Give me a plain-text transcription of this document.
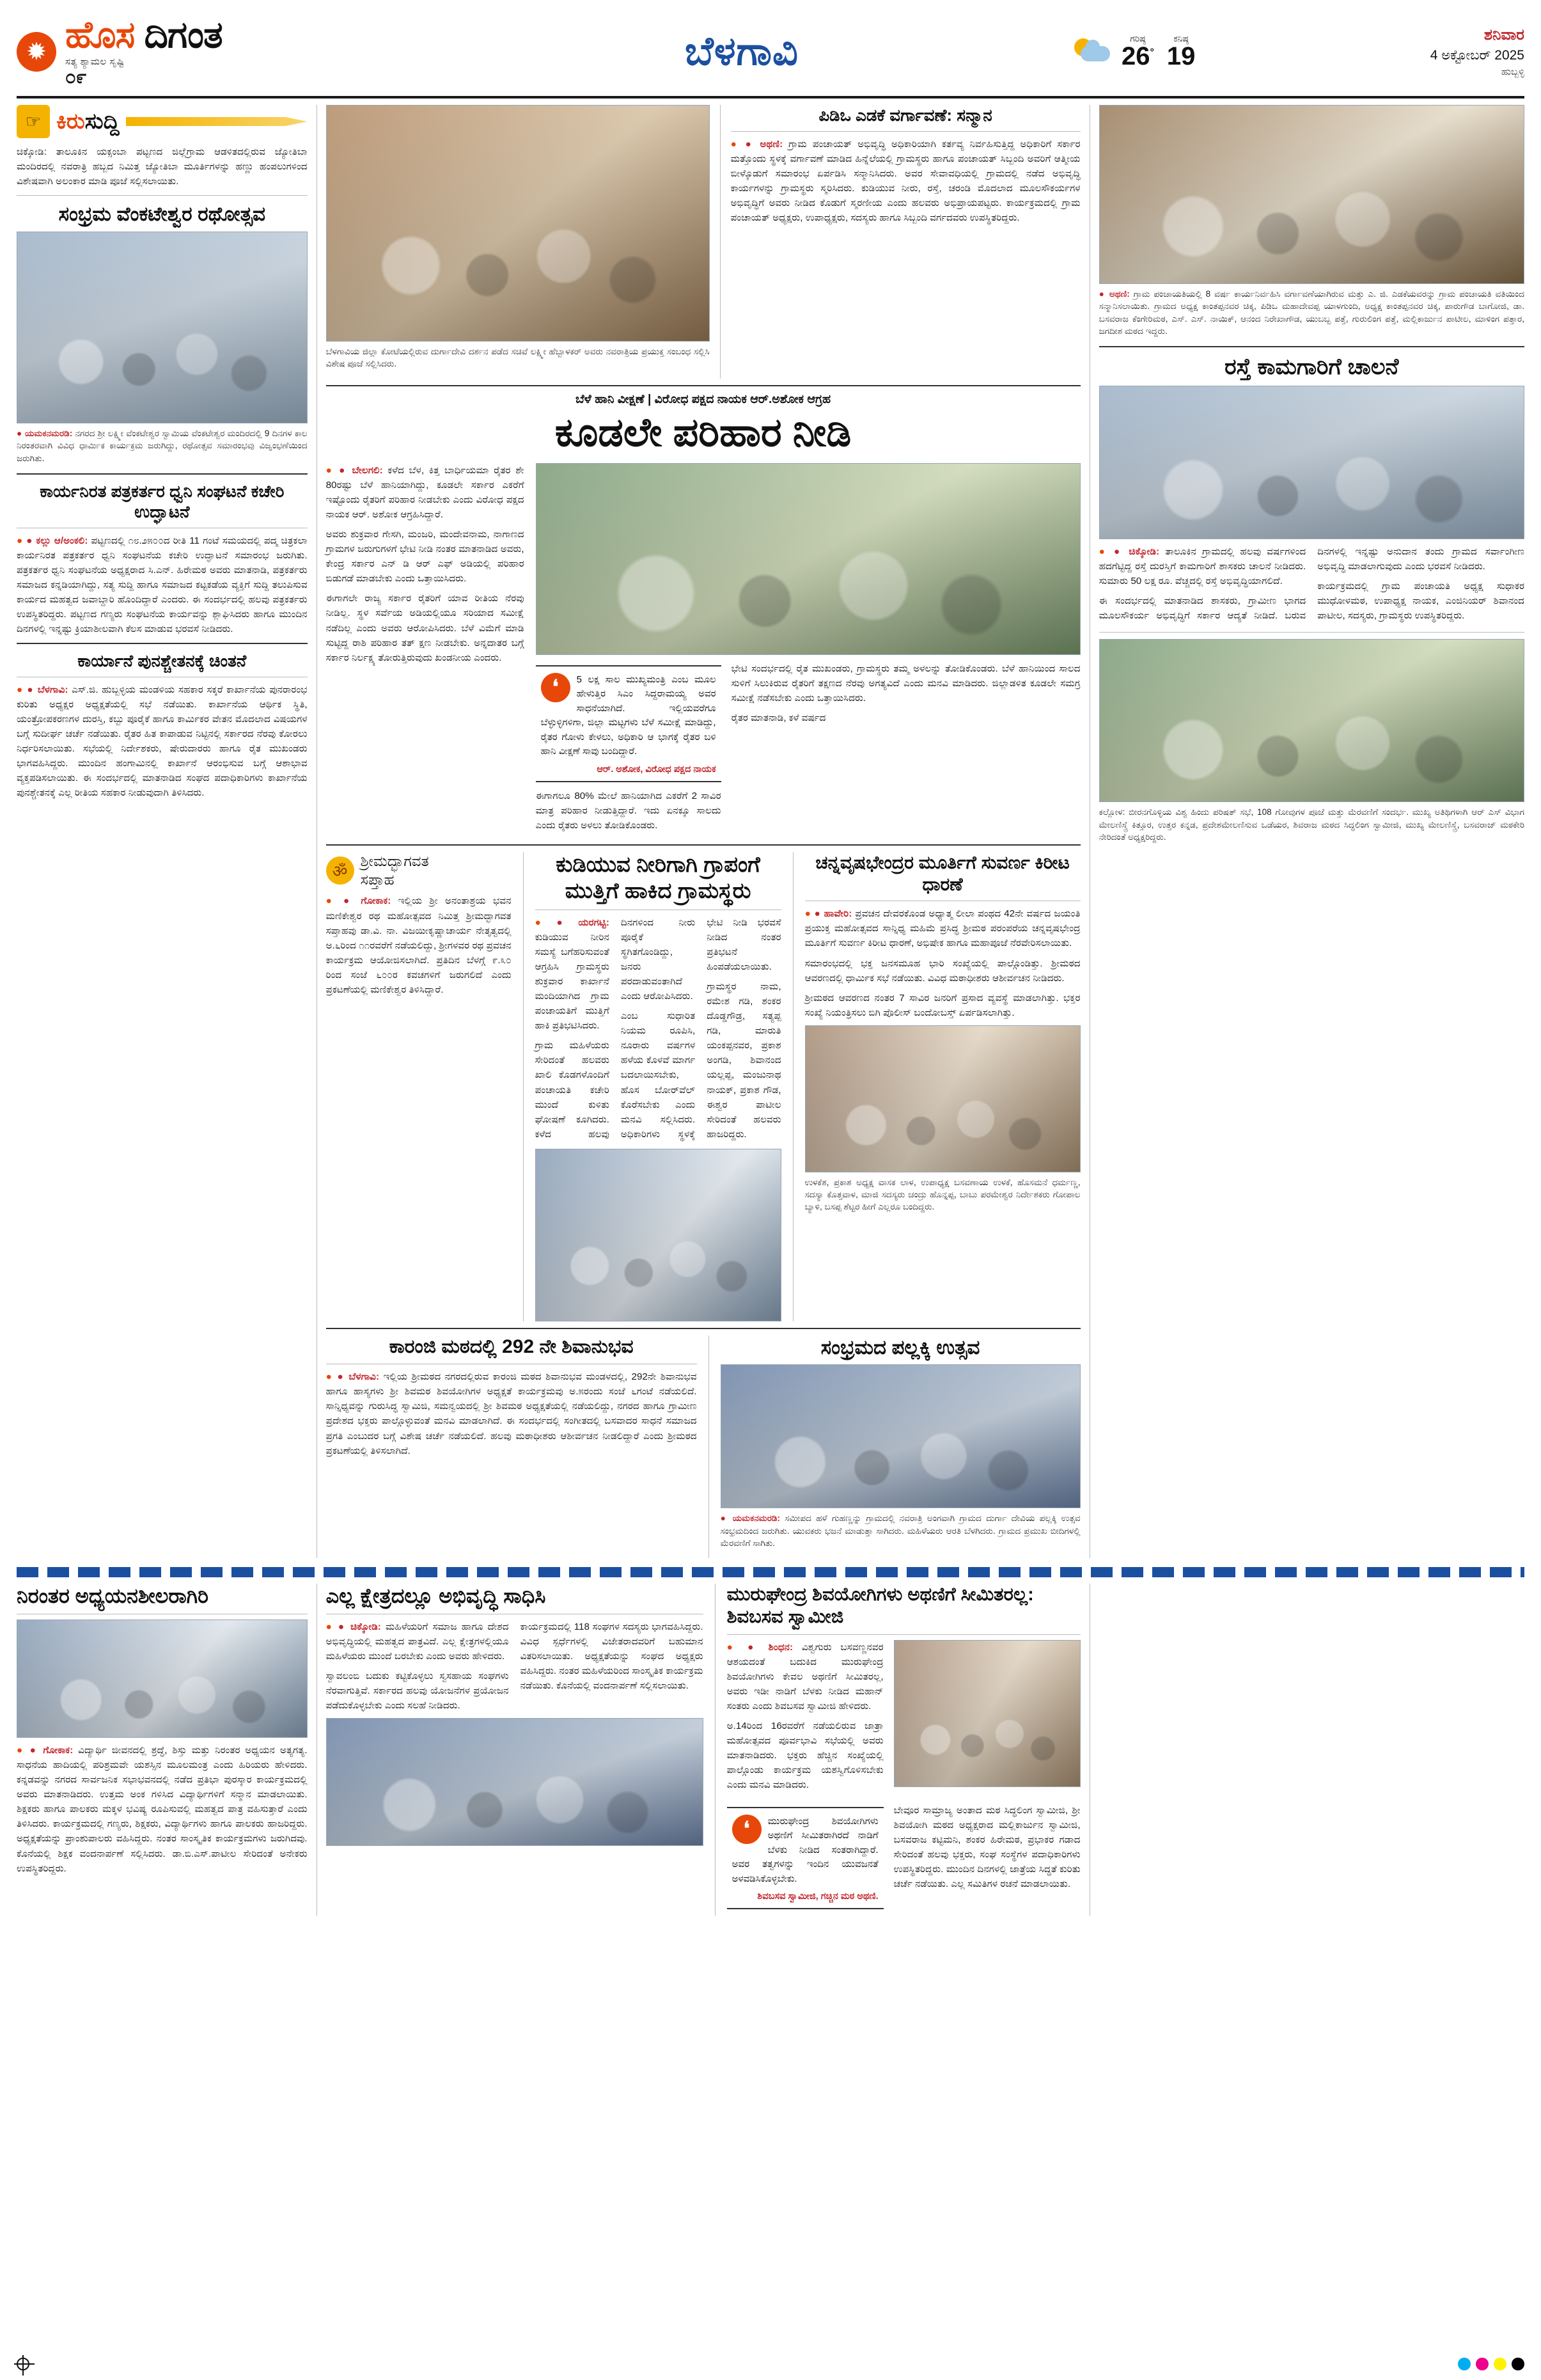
✹ ಹೊಸ ದಿಗಂತ
ಸತ್ಯ ಶ್ಯಾಮಲ ಸೃಷ್ಟಿ
೦೯
ಬೆಳಗಾವಿ	ಗರಿಷ್ಠ
26°
ಕನಿಷ್ಠ
19
ಶನಿವಾರ
4 ಅಕ್ಟೋಬರ್ 2025
ಹುಬ್ಬಳ್ಳಿ
☞ ಕಿರುಸುದ್ದಿ

ಚಿಕ್ಕೋಡಿ: ತಾಲೂಕಿನ ಯಕ್ಸಂಬಾ ಪಟ್ಟಣದ ಜಿಲ್ಲೆಗ್ರಾಮ ಆಡಳಿತದಲ್ಲಿರುವ ಜ್ಯೋತಿಬಾ ಮಂದಿರದಲ್ಲಿ ನವರಾತ್ರಿ ಹಬ್ಬದ ನಿಮಿತ್ತ ಜ್ಯೋತಿಬಾ ಮೂರ್ತಿಗಳನ್ನು ಹಣ್ಣು ಹಂಪಲುಗಳಿಂದ ವಿಶೇಷವಾಗಿ ಅಲಂಕಾರ ಮಾಡಿ ಪೂಜೆ ಸಲ್ಲಿಸಲಾಯಿತು.

ಸಂಭ್ರಮ ವೆಂಕಟೇಶ್ವರ ರಥೋತ್ಸವ

● ಯಮಕನಮರಡಿ: ನಗರದ ಶ್ರೀ ಲಕ್ಷ್ಮೀ ವೆಂಕಟೇಶ್ವರ ಸ್ವಾಮಿಯ ವೆಂಕಟೇಶ್ವರ ಮಂದಿರದಲ್ಲಿ 9 ದಿನಗಳ ಕಾಲ ನಿರಂತರವಾಗಿ ವಿವಿಧ ಧಾರ್ಮಿಕ ಕಾರ್ಯಕ್ರಮ ಜರುಗಿದ್ದು, ರಥೋತ್ಸವ ಸಮಾರಂಭವು ವಿಜೃಂಭಣೆಯಿಂದ ಜರುಗಿತು.

ಕಾರ್ಯನಿರತ ಪತ್ರಕರ್ತರ ಧ್ವನಿ ಸಂಘಟನೆ ಕಚೇರಿ ಉದ್ಘಾಟನೆ

● ● ಕಲ್ಲು ಆ/ಅಂಕಲಿ: ಪಟ್ಟಣದಲ್ಲಿ ೧೮.೨೫೦೦ದ ರೀತಿ 11 ಗಂಟೆ ಸಮಯದಲ್ಲಿ ಪದ್ಮ ಚಿತ್ರಕಲಾ ಕಾರ್ಯನಿರತ ಪತ್ರಕರ್ತರ ಧ್ವನಿ ಸಂಘಟನೆಯ ಕಚೇರಿ ಉದ್ಘಾಟನೆ ಸಮಾರಂಭ ಜರುಗಿತು. ಪತ್ರಕರ್ತರ ಧ್ವನಿ ಸಂಘಟನೆಯ ಅಧ್ಯಕ್ಷರಾದ ಸಿ.ಎನ್. ಹಿರೇಮಠ ಅವರು ಮಾತನಾಡಿ, ಪತ್ರಕರ್ತರು ಸಮಾಜದ ಕನ್ನಡಿಯಾಗಿದ್ದು, ಸತ್ಯ ಸುದ್ದಿ ಹಾಗೂ ಸಮಾಜದ ಕಟ್ಟಕಡೆಯ ವ್ಯಕ್ತಿಗೆ ಸುದ್ದಿ ತಲುಪಿಸುವ ಕಾರ್ಯದ ಮಹತ್ವದ ಜವಾಬ್ದಾರಿ ಹೊಂದಿದ್ದಾರೆ ಎಂದರು. ಈ ಸಂದರ್ಭದಲ್ಲಿ ಹಲವು ಪತ್ರಕರ್ತರು ಉಪಸ್ಥಿತರಿದ್ದರು. ಪಟ್ಟಣದ ಗಣ್ಯರು ಸಂಘಟನೆಯ ಕಾರ್ಯವನ್ನು ಶ್ಲಾಘಿಸಿದರು ಹಾಗೂ ಮುಂದಿನ ದಿನಗಳಲ್ಲಿ ಇನ್ನಷ್ಟು ಕ್ರಿಯಾಶೀಲವಾಗಿ ಕೆಲಸ ಮಾಡುವ ಭರವಸೆ ನೀಡಿದರು.

ಕಾರ್ಯಾನೆ ಪುನಶ್ಚೇತನಕ್ಕೆ ಚಿಂತನೆ

● ● ಬೆಳಗಾವಿ: ಎಸ್.ಜಿ. ಹುಬ್ಬಳ್ಳಿಯ ಮಂಡಳಿಯ ಸಹಕಾರ ಸಕ್ಕರೆ ಕಾರ್ಖಾನೆಯ ಪುನರಾರಂಭ ಕುರಿತು ಅಧ್ಯಕ್ಷರ ಅಧ್ಯಕ್ಷತೆಯಲ್ಲಿ ಸಭೆ ನಡೆಯಿತು. ಕಾರ್ಖಾನೆಯ ಆರ್ಥಿಕ ಸ್ಥಿತಿ, ಯಂತ್ರೋಪಕರಣಗಳ ದುರಸ್ತಿ, ಕಬ್ಬು ಪೂರೈಕೆ ಹಾಗೂ ಕಾರ್ಮಿಕರ ವೇತನ ಮೊದಲಾದ ವಿಷಯಗಳ ಬಗ್ಗೆ ಸುದೀರ್ಘ ಚರ್ಚೆ ನಡೆಯಿತು. ರೈತರ ಹಿತ ಕಾಪಾಡುವ ನಿಟ್ಟಿನಲ್ಲಿ ಸರ್ಕಾರದ ನೆರವು ಕೋರಲು ನಿರ್ಧರಿಸಲಾಯಿತು. ಸಭೆಯಲ್ಲಿ ನಿರ್ದೇಶಕರು, ಷೇರುದಾರರು ಹಾಗೂ ರೈತ ಮುಖಂಡರು ಭಾಗವಹಿಸಿದ್ದರು. ಮುಂದಿನ ಹಂಗಾಮಿನಲ್ಲಿ ಕಾರ್ಖಾನೆ ಆರಂಭಿಸುವ ಬಗ್ಗೆ ಆಶಾಭಾವ ವ್ಯಕ್ತಪಡಿಸಲಾಯಿತು. ಈ ಸಂದರ್ಭದಲ್ಲಿ ಮಾತನಾಡಿದ ಸಂಘದ ಪದಾಧಿಕಾರಿಗಳು ಕಾರ್ಖಾನೆಯ ಪುನಶ್ಚೇತನಕ್ಕೆ ಎಲ್ಲ ರೀತಿಯ ಸಹಕಾರ ನೀಡುವುದಾಗಿ ತಿಳಿಸಿದರು.

ಬೆಳಗಾವಿಯ ಜಿಲ್ಲಾ ಕೋಟೆಯಲ್ಲಿರುವ ದುರ್ಗಾದೇವಿ ದರ್ಶನ ಪಡೆದ ಸಚಿವೆ ಲಕ್ಷ್ಮೀ ಹೆಬ್ಬಾಳಕರ್ ಅವರು ನವರಾತ್ರಿಯ ಪ್ರಯುಕ್ತ ಸಂಬಂಧ ಸಲ್ಲಿಸಿ ವಿಶೇಷ ಪೂಜೆ ಸಲ್ಲಿಸಿದರು.

ಪಿಡಿಒ ಎಡಕೆ ವರ್ಗಾವಣೆ: ಸನ್ಮಾನ

● ● ಅಥಣಿ: ಗ್ರಾಮ ಪಂಚಾಯತ್ ಅಭಿವೃದ್ಧಿ ಅಧಿಕಾರಿಯಾಗಿ ಕರ್ತವ್ಯ ನಿರ್ವಹಿಸುತ್ತಿದ್ದ ಅಧಿಕಾರಿಗೆ ಸರ್ಕಾರ ಮತ್ತೊಂದು ಸ್ಥಳಕ್ಕೆ ವರ್ಗಾವಣೆ ಮಾಡಿದ ಹಿನ್ನೆಲೆಯಲ್ಲಿ ಗ್ರಾಮಸ್ಥರು ಹಾಗೂ ಪಂಚಾಯತ್ ಸಿಬ್ಬಂದಿ ಅವರಿಗೆ ಆತ್ಮೀಯ ಬೀಳ್ಕೊಡುಗೆ ಸಮಾರಂಭ ಏರ್ಪಡಿಸಿ ಸನ್ಮಾನಿಸಿದರು. ಅವರ ಸೇವಾವಧಿಯಲ್ಲಿ ಗ್ರಾಮದಲ್ಲಿ ನಡೆದ ಅಭಿವೃದ್ಧಿ ಕಾರ್ಯಗಳನ್ನು ಗ್ರಾಮಸ್ಥರು ಸ್ಮರಿಸಿದರು. ಕುಡಿಯುವ ನೀರು, ರಸ್ತೆ, ಚರಂಡಿ ಮೊದಲಾದ ಮೂಲಸೌಕರ್ಯಗಳ ಅಭಿವೃದ್ಧಿಗೆ ಅವರು ನೀಡಿದ ಕೊಡುಗೆ ಸ್ಮರಣೀಯ ಎಂದು ಹಲವರು ಅಭಿಪ್ರಾಯಪಟ್ಟರು. ಕಾರ್ಯಕ್ರಮದಲ್ಲಿ ಗ್ರಾಮ ಪಂಚಾಯತ್ ಅಧ್ಯಕ್ಷರು, ಉಪಾಧ್ಯಕ್ಷರು, ಸದಸ್ಯರು ಹಾಗೂ ಸಿಬ್ಬಂದಿ ವರ್ಗದವರು ಉಪಸ್ಥಿತರಿದ್ದರು.

ಬೆಳೆ ಹಾನಿ ವೀಕ್ಷಣೆ | ವಿರೋಧ ಪಕ್ಷದ ನಾಯಕ ಆರ್.ಅಶೋಕ ಆಗ್ರಹ
ಕೂಡಲೇ ಪರಿಹಾರ ನೀಡಿ

● ● ಬೇಲಗಲಿ: ಕಳೆದ ಬೆಳ, ಕಿತ್ತ ಬಾರ್ಧಿಯಮಾ ರೈತರ ಶೇ 80ರಷ್ಟು ಬೆಳೆ ಹಾನಿಯಾಗಿದ್ದು, ಕೂಡಲೇ ಸರ್ಕಾರ ಎಕರೆಗೆ ಇಷ್ಟೊಂದು ರೈತರಿಗೆ ಪರಿಹಾರ ನೀಡಬೇಕು ಎಂದು ವಿರೋಧ ಪಕ್ಷದ ನಾಯಕ ಆರ್. ಅಶೋಕ ಆಗ್ರಹಿಸಿದ್ದಾರೆ.

ಅವರು ಶುಕ್ರವಾರ ಗೇಸಗಿ, ಮಂಜರಿ, ಮಂದೇವನಾಮ, ನಾಗಾಣದ ಗ್ರಾಮಗಳ ಜರುಗುಗಳಗೆ ಭೇಟಿ ನೀಡಿ ನಂತರ ಮಾತನಾಡಿದ ಅವರು, ಕೇಂದ್ರ ಸರ್ಕಾರ ಎನ್ ಡಿ ಆರ್ ಎಫ್ ಅಡಿಯಲ್ಲಿ ಪರಿಹಾರ ಬಿಡುಗಡೆ ಮಾಡಬೇಕು ಎಂದು ಒತ್ತಾಯಿಸಿದರು.

ಈಗಾಗಲೇ ರಾಜ್ಯ ಸರ್ಕಾರ ರೈತರಿಗೆ ಯಾವ ರೀತಿಯ ನೆರವು ನೀಡಿಲ್ಲ. ಸ್ಥಳ ಸರ್ವೆಯ ಅಡಿಯಲ್ಲಿಯೂ ಸರಿಯಾದ ಸಮೀಕ್ಷೆ ನಡೆದಿಲ್ಲ ಎಂದು ಅವರು ಆರೋಪಿಸಿದರು. ಬೆಳೆ ವಿಮೆಗೆ ಮಾಡಿ ಸುಟ್ಟಿದ್ದ ರಾಶಿ ಪರಿಹಾರ ತತ್ ಕ್ಷಣ ನೀಡಬೇಕು. ಅನ್ನದಾತರ ಬಗ್ಗೆ ಸರ್ಕಾರ ನಿರ್ಲಕ್ಷ್ಯ ತೋರುತ್ತಿರುವುದು ಖಂಡನೀಯ ಎಂದರು.

❛	5 ಲಕ್ಷ ಸಾಲ ಮುಖ್ಯಮಂತ್ರಿ ಎಂಬ ಮೂಲ ಹೇಳುತ್ತಿರ ಸಿಎಂ ಸಿದ್ದರಾಮಯ್ಯ ಅವರ ಸಾಧನೆಯಾಗಿದೆ. ಇಲ್ಲಿಯವರೆಗೂ ಬೆಳ್ಳುಳ್ಳಿಗಳಿಗಾ, ಜಿಲ್ಲಾ ಮಟ್ಟಗಳು ಬೆಳೆ ಸಮೀಕ್ಷೆ ಮಾಡಿದ್ದು, ರೈತರ ಗೋಳು ಕೇಳಲು, ಅಧಿಕಾರಿ ಆ ಭಾಗಕ್ಕೆ ರೈತರ ಬಳಿ ಹಾನಿ ವೀಕ್ಷಣೆ ಸಾವು ಬಂದಿದ್ದಾರೆ.

ಆರ್. ಅಶೋಕ, ವಿರೋಧ ಪಕ್ಷದ ನಾಯಕ

ಈಗಾಗಲೂ 80% ಮೇಲೆ ಹಾನಿಯಾಗಿದ ಎಕರೆಗೆ 2 ಸಾವಿರ ಮಾತ್ರ ಪರಿಹಾರ ನೀಡುತ್ತಿದ್ದಾರೆ. ಇದು ಏನಕ್ಕೂ ಸಾಲದು ಎಂದು ರೈತರು ಅಳಲು ತೋಡಿಕೊಂಡರು.

ಭೇಟಿ ಸಂದರ್ಭದಲ್ಲಿ ರೈತ ಮುಖಂಡರು, ಗ್ರಾಮಸ್ಥರು ತಮ್ಮ ಅಳಲನ್ನು ತೋಡಿಕೊಂಡರು. ಬೆಳೆ ಹಾನಿಯಿಂದ ಸಾಲದ ಸುಳಿಗೆ ಸಿಲುಕಿರುವ ರೈತರಿಗೆ ತಕ್ಷಣದ ನೆರವು ಅಗತ್ಯವಿದೆ ಎಂದು ಮನವಿ ಮಾಡಿದರು. ಜಿಲ್ಲಾಡಳಿತ ಕೂಡಲೇ ಸಮಗ್ರ ಸಮೀಕ್ಷೆ ನಡೆಸಬೇಕು ಎಂದು ಒತ್ತಾಯಿಸಿದರು.

ರೈತರ ಮಾತನಾಡಿ, ಕಳೆ ವರ್ಷದ

ॐ
ಶ್ರೀಮದ್ಭಾಗವತ
ಸಪ್ತಾಹ

● ● ಗೋಕಾಕ: ಇಲ್ಲಿಯ ಶ್ರೀ ಅನಂತಾಶ್ರಯ ಭವನ ಮಣಿಕೇಶ್ವರ ರಥ ಮಹೋತ್ಸವದ ನಿಮಿತ್ತ ಶ್ರೀಮದ್ಭಾಗವತ ಸಪ್ತಾಹವು ಡಾ.ವಿ. ನಾ. ವಿಜಯೀಕೃಷ್ಣಾಚಾರ್ಯ ನೇತೃತ್ವದಲ್ಲಿ ಅ.೬ರಿಂದ ೧೧ರವರೆಗೆ ನಡೆಯಲಿದ್ದು, ಶ್ರೀಗಳವರ ರಥ ಪ್ರವಚನ ಕಾರ್ಯಕ್ರಮ ಆಯೋಜಿಸಲಾಗಿದೆ. ಪ್ರತಿದಿನ ಬೆಳಗ್ಗೆ ೯.೩೦ ರಿಂದ ಸಂಜೆ ೬೦೦ರ ಕವಚಗಳಿಗೆ ಜರುಗಲಿದೆ ಎಂದು ಪ್ರಕಟಣೆಯಲ್ಲಿ ಮಣಿಕೇಶ್ವರ ತಿಳಿಸಿದ್ದಾರೆ.

ಕುಡಿಯುವ ನೀರಿಗಾಗಿ ಗ್ರಾಪಂಗೆ ಮುತ್ತಿಗೆ ಹಾಕಿದ ಗ್ರಾಮಸ್ಥರು

● ● ಯರಗಟ್ಟಿ: ಕುಡಿಯುವ ನೀರಿನ ಸಮಸ್ಯೆ ಬಗೆಹರಿಸುವಂತೆ ಆಗ್ರಹಿಸಿ ಗ್ರಾಮಸ್ಥರು ಶುಕ್ರವಾರ ಕಾರ್ಖಾನೆ ಮಂದಿಯಾಗಿದ ಗ್ರಾಮ ಪಂಚಾಯತಿಗೆ ಮುತ್ತಿಗೆ ಹಾಕಿ ಪ್ರತಿಭಟಿಸಿದರು.

ಗ್ರಾಮ ಮಹಿಳೆಯರು ಸೇರಿದಂತೆ ಹಲವರು ಖಾಲಿ ಕೊಡಗಳೊಂದಿಗೆ ಪಂಚಾಯತಿ ಕಚೇರಿ ಮುಂದೆ ಕುಳಿತು ಘೋಷಣೆ ಕೂಗಿದರು. ಕಳೆದ ಹಲವು ದಿನಗಳಿಂದ ನೀರು ಪೂರೈಕೆ ಸ್ಥಗಿತಗೊಂಡಿದ್ದು, ಜನರು ಪರದಾಡುವಂತಾಗಿದೆ ಎಂದು ಆರೋಪಿಸಿದರು.

ಎಂಬ ಸುಧಾರಿತ ನಿಯಮ ರೂಪಿಸಿ, ನೂರಾರು ವರ್ಷಗಳ ಹಳೆಯ ಕೊಳವೆ ಮಾರ್ಗ ಬದಲಾಯಿಸಬೇಕು, ಹೊಸ ಬೋರ್‌ವೆಲ್ ಕೊರೆಸಬೇಕು ಎಂದು ಮನವಿ ಸಲ್ಲಿಸಿದರು. ಅಧಿಕಾರಿಗಳು ಸ್ಥಳಕ್ಕೆ ಭೇಟಿ ನೀಡಿ ಭರವಸೆ ನೀಡಿದ ನಂತರ ಪ್ರತಿಭಟನೆ ಹಿಂಪಡೆಯಲಾಯಿತು.

ಗ್ರಾಮಸ್ಥರ ನಾಮ, ರಮೇಶ ಗಡಿ, ಶಂಕರ ದೊಡ್ಡಗೌಡ್ರ, ಸತ್ಯಪ್ಪ ಗಡಿ, ಮಾರುತಿ ಯಂಕಪ್ಪನವರ, ಪ್ರಕಾಶ ಅಂಗಡಿ, ಶಿವಾನಂದ ಯಲ್ಲಪ್ಪ, ಮಂಜುನಾಥ ನಾಯಕ್, ಪ್ರಕಾಶ ಗೌಡ, ಈಶ್ವರ ಪಾಟೀಲ ಸೇರಿದಂತೆ ಹಲವರು ಹಾಜರಿದ್ದರು.

ಚನ್ನವೃಷಭೇಂದ್ರರ ಮೂರ್ತಿಗೆ ಸುವರ್ಣ ಕಿರೀಟ ಧಾರಣೆ

● ● ಹಾವೇರಿ: ಪ್ರವಚನ ದೇವರಕೊಂಡ ಅಧ್ಯಾತ್ಮ ಲೀಲಾ ಪಂಥದ 42ನೇ ವರ್ಷದ ಜಯಂತಿ ಪ್ರಯುಕ್ತ ಮಹೋತ್ಸವದ ಸಾನ್ನಿಧ್ಯ ಮಹಿಮೆ ಪ್ರಸಿದ್ಧ ಶ್ರೀಮಠ ಪರಂಪರೆಯ ಚನ್ನವೃಷಭೇಂದ್ರ ಮೂರ್ತಿಗೆ ಸುವರ್ಣ ಕಿರೀಟ ಧಾರಣೆ, ಅಭಿಷೇಕ ಹಾಗೂ ಮಹಾಪೂಜೆ ನೆರವೇರಿಸಲಾಯಿತು.

ಸಮಾರಂಭದಲ್ಲಿ ಭಕ್ತ ಜನಸಮೂಹ ಭಾರಿ ಸಂಖ್ಯೆಯಲ್ಲಿ ಪಾಲ್ಗೊಂಡಿತ್ತು. ಶ್ರೀಮಠದ ಆವರಣದಲ್ಲಿ ಧಾರ್ಮಿಕ ಸಭೆ ನಡೆಯಿತು. ವಿವಿಧ ಮಠಾಧೀಶರು ಆಶೀರ್ವಚನ ನೀಡಿದರು.

ಶ್ರೀಮಠದ ಆವರಣದ ನಂತರ 7 ಸಾವಿರ ಜನರಿಗೆ ಪ್ರಸಾದ ವ್ಯವಸ್ಥೆ ಮಾಡಲಾಗಿತ್ತು. ಭಕ್ತರ ಸಂಖ್ಯೆ ನಿಯಂತ್ರಿಸಲು ಬಿಗಿ ಪೊಲೀಸ್ ಬಂದೋಬಸ್ತ್ ಏರ್ಪಡಿಸಲಾಗಿತ್ತು.

ಉಳಕೆಶ, ಪ್ರಕಾಶ ಅಧ್ಯಕ್ಷ ವಾಸಕ ಲಾಳ, ಉಪಾಧ್ಯಕ್ಷ ಬಸವಣಾಯ ಉಳಕೆ, ಹೊಸಮನೆ ಧರ್ಮಣ್ಣ, ಸದಸ್ಯಾ ಕೊತ್ತವಾಳ, ಮಾಜಿ ಸದಸ್ಯರು ಚಂದ್ರು ಹೊನ್ನಪ್ಪ, ಬಾಬು ಪರಮೇಶ್ವರ ನಿರ್ದೇಶಕರು ಗೋಪಾಲ ಬ್ಯಾಳಿ, ಬಸಪ್ಪ ಶೆಟ್ಟರ ಹೀಗೆ ಎಲ್ಲರೂ ಬಂದಿದ್ದರು.

ಕಾರಂಜಿ ಮಠದಲ್ಲಿ 292 ನೇ ಶಿವಾನುಭವ

● ● ಬೆಳಗಾವಿ: ಇಲ್ಲಿಯ ಶ್ರೀಮಠದ ನಗರದಲ್ಲಿರುವ ಕಾರಂಜಿ ಮಠದ ಶಿವಾನುಭವ ಮಂಡಳದಲ್ಲಿ, 292ನೇ ಶಿವಾನುಭವ ಹಾಗೂ ಹಾಸ್ಯಗಳು ಶ್ರೀ ಶಿವಮಠ ಶಿವಯೋಗಿಗಳ ಅಧ್ಯಕ್ಷತೆ ಕಾರ್ಯಕ್ರಮವು ಅ.೫ರಂದು ಸಂಜೆ ೬ಗಂಟೆ ನಡೆಯಲಿದೆ. ಸಾನ್ನಿಧ್ಯವನ್ನು ಗುರುಸಿದ್ಧ ಸ್ವಾಮಿಜಿ, ಸಮನ್ವಯದಲ್ಲಿ ಶ್ರೀ ಶಿವಮಠ ಅಧ್ಯಕ್ಷತೆಯಲ್ಲಿ ನಡೆಯಲಿದ್ದು, ನಗರದ ಹಾಗೂ ಗ್ರಾಮೀಣ ಪ್ರದೇಶದ ಭಕ್ತರು ಪಾಲ್ಗೊಳ್ಳುವಂತೆ ಮನವಿ ಮಾಡಲಾಗಿದೆ. ಈ ಸಂದರ್ಭದಲ್ಲಿ ಸಂಗೀತದಲ್ಲಿ ಬಸವಾದರ ಸಾಧನೆ ಸಮಾಜದ ಪ್ರಗತಿ ಎಂಬುದರ ಬಗ್ಗೆ ವಿಶೇಷ ಚರ್ಚೆ ನಡೆಯಲಿದೆ. ಹಲವು ಮಠಾಧೀಶರು ಆಶೀರ್ವಚನ ನೀಡಲಿದ್ದಾರೆ ಎಂದು ಶ್ರೀಮಠದ ಪ್ರಕಟಣೆಯಲ್ಲಿ ತಿಳಿಸಲಾಗಿದೆ.

ಸಂಭ್ರಮದ ಪಲ್ಲಕ್ಕಿ ಉತ್ಸವ

● ಯಮಕನಮರಡಿ: ಸಮೀಪದ ಹಳೆ ಗುಹಣ್ಣನ್ನು ಗ್ರಾಮದಲ್ಲಿ ನವರಾತ್ರಿ ಅಂಗವಾಗಿ ಗ್ರಾಮದ ದುರ್ಗಾ ದೇವಿಯ ಪಲ್ಲಕ್ಕಿ ಉತ್ಸವ ಸಂಭ್ರಮದಿಂದ ಜರುಗಿತು. ಯುವಕರು ಭಜನೆ ಮಾಡುತ್ತಾ ಸಾಗಿದರು. ಮಹಿಳೆಯರು ಆರತಿ ಬೆಳಗಿದರು. ಗ್ರಾಮದ ಪ್ರಮುಖ ಬೀದಿಗಳಲ್ಲಿ ಮೆರವಣಿಗೆ ಸಾಗಿತು.

● ಅಥಣಿ: ಗ್ರಾಮ ಪಂಚಾಯತಿಯಲ್ಲಿ 8 ವರ್ಷ ಕಾರ್ಯನಿರ್ವಹಿಸಿ ವರ್ಗಾವಣೆಯಾಗಿರುವ ಮತ್ತು ಎ. ಜಿ. ಎಡಕೆಯವರನ್ನು ಗ್ರಾಮ ಪಂಚಾಯತಿ ವತಿಯಿಂದ ಸನ್ಮಾನಿಸಲಾಯಿತು. ಗ್ರಾಮದ ಅಧ್ಯಕ್ಷ ಕಾಂತಪ್ಪನವರ ಚಿಕ್ಕ, ಪಿಡಿಒ ಮಹಾದೇವಪ್ಪ ಯಾಳಗುಂದಿ, ಅಧ್ಯಕ್ಷ ಕಾಂತಪ್ಪನವರ ಚಿಕ್ಕ, ಪಾರುಗೌಡ ಬಾಗೋಜಿ, ಡಾ. ಬಸವರಾಜ ಕೆಂಗೇರಿಮಠ, ಎಸ್. ಎಸ್. ನಾಯಿಕ್, ಆನಂದ ನಿರೇಖಾಗೌಡ, ಯುಬಬ್ಬ ಪತ್ತೆ, ಗುರುಲಿಂಗ ಪತ್ತೆ, ಮಲ್ಲಿಕಾರ್ಜುನ ಪಾಟೀಲ, ಮಾಳಿಂಗ ಪತ್ತಾರ, ಜಗದೀಶ ಮಠದ ಇದ್ದರು.

ರಸ್ತೆ ಕಾಮಗಾರಿಗೆ ಚಾಲನೆ

● ● ಚಿಕ್ಕೋಡಿ: ತಾಲೂಕಿನ ಗ್ರಾಮದಲ್ಲಿ ಹಲವು ವರ್ಷಗಳಿಂದ ಹದಗೆಟ್ಟಿದ್ದ ರಸ್ತೆ ದುರಸ್ತಿಗೆ ಕಾಮಗಾರಿಗೆ ಶಾಸಕರು ಚಾಲನೆ ನೀಡಿದರು. ಸುಮಾರು 50 ಲಕ್ಷ ರೂ. ವೆಚ್ಚದಲ್ಲಿ ರಸ್ತೆ ಅಭಿವೃದ್ಧಿಯಾಗಲಿದೆ.

ಈ ಸಂದರ್ಭದಲ್ಲಿ ಮಾತನಾಡಿದ ಶಾಸಕರು, ಗ್ರಾಮೀಣ ಭಾಗದ ಮೂಲಸೌಕರ್ಯ ಅಭಿವೃದ್ಧಿಗೆ ಸರ್ಕಾರ ಆದ್ಯತೆ ನೀಡಿದೆ. ಬರುವ ದಿನಗಳಲ್ಲಿ ಇನ್ನಷ್ಟು ಅನುದಾನ ತಂದು ಗ್ರಾಮದ ಸರ್ವಾಂಗೀಣ ಅಭಿವೃದ್ಧಿ ಮಾಡಲಾಗುವುದು ಎಂದು ಭರವಸೆ ನೀಡಿದರು.

ಕಾರ್ಯಕ್ರಮದಲ್ಲಿ ಗ್ರಾಮ ಪಂಚಾಯತಿ ಅಧ್ಯಕ್ಷ ಸುಧಾಕರ ಮುಧೋಳಮಠ, ಉಪಾಧ್ಯಕ್ಷ ನಾಯಕ, ಎಂಜಿನಿಯರ್ ಶಿವಾನಂದ ಪಾಟೀಲ, ಸದಸ್ಯರು, ಗ್ರಾಮಸ್ಥರು ಉಪಸ್ಥಿತರಿದ್ದರು.

ಕಲ್ಲೋಳ: ಬೀರನಗೊಳ್ಳಿಯ ವಿಶ್ವ ಹಿಂದು ಪರಿಷತ್ ಸಭೆ, 108 ಗೋವುಗಳ ಪೂಜೆ ಮತ್ತು ಮೆರವಣಿಗೆ ಸಂದರ್ಭ. ಮುಖ್ಯ ಅತಿಥಿಗಳಾಗಿ ಆರ್ ಎಸ್ ವಿಭಾಗ ಮೇಲಣಿಸ್ತ್ರೆ ಕಿತ್ತೂರ, ಉತ್ತರ ಕನ್ನಡ, ಪ್ರದೇಶಮೇಲಣಿಸುವ ಒಡೆಯರ, ಶಿವರಾಜ ಮಠದ ಸಿದ್ಧಲಿಂಗ ಸ್ವಾಮೀಜಿ, ಮುಖ್ಯ ಮೇಲಣಿಸ್ತ್ರೆ, ಬಸವರಾಜ್ ಮಠಕೇರಿ ನೇರಿದಂತೆ ಅಧ್ಯಕ್ಷರಿದ್ದರು.

ನಿರಂತರ ಅಧ್ಯಯನಶೀಲರಾಗಿರಿ

● ● ಗೋಕಾಕ: ವಿದ್ಯಾರ್ಥಿ ಜೀವನದಲ್ಲಿ ಶ್ರದ್ಧೆ, ಶಿಸ್ತು ಮತ್ತು ನಿರಂತರ ಅಧ್ಯಯನ ಅತ್ಯಗತ್ಯ. ಸಾಧನೆಯ ಹಾದಿಯಲ್ಲಿ ಪರಿಶ್ರಮವೇ ಯಶಸ್ಸಿನ ಮೂಲಮಂತ್ರ ಎಂದು ಹಿರಿಯರು ಹೇಳಿದರು. ಕನ್ನಡವನ್ನು ನಗರದ ಸಾರ್ವಜನಿಕ ಸಭಾಭವನದಲ್ಲಿ ನಡೆದ ಪ್ರತಿಭಾ ಪುರಸ್ಕಾರ ಕಾರ್ಯಕ್ರಮದಲ್ಲಿ ಅವರು ಮಾತನಾಡಿದರು. ಉತ್ತಮ ಅಂಕ ಗಳಿಸಿದ ವಿದ್ಯಾರ್ಥಿಗಳಿಗೆ ಸನ್ಮಾನ ಮಾಡಲಾಯಿತು. ಶಿಕ್ಷಕರು ಹಾಗೂ ಪಾಲಕರು ಮಕ್ಕಳ ಭವಿಷ್ಯ ರೂಪಿಸುವಲ್ಲಿ ಮಹತ್ವದ ಪಾತ್ರ ವಹಿಸುತ್ತಾರೆ ಎಂದು ತಿಳಿಸಿದರು. ಕಾರ್ಯಕ್ರಮದಲ್ಲಿ ಗಣ್ಯರು, ಶಿಕ್ಷಕರು, ವಿದ್ಯಾರ್ಥಿಗಳು ಹಾಗೂ ಪಾಲಕರು ಹಾಜರಿದ್ದರು. ಅಧ್ಯಕ್ಷತೆಯನ್ನು ಪ್ರಾಂಶುಪಾಲರು ವಹಿಸಿದ್ದರು. ನಂತರ ಸಾಂಸ್ಕೃತಿಕ ಕಾರ್ಯಕ್ರಮಗಳು ಜರುಗಿದವು. ಕೊನೆಯಲ್ಲಿ ಶಿಕ್ಷಕ ವಂದನಾರ್ಪಣೆ ಸಲ್ಲಿಸಿದರು. ಡಾ.ಬಿ.ಎಸ್.ಪಾಟೀಲ ಸೇರಿದಂತೆ ಅನೇಕರು ಉಪಸ್ಥಿತರಿದ್ದರು.

ಎಲ್ಲ ಕ್ಷೇತ್ರದಲ್ಲೂ ಅಭಿವೃದ್ಧಿ ಸಾಧಿಸಿ

● ● ಚಿಕ್ಕೋಡಿ: ಮಹಿಳೆಯರಿಗೆ ಸಮಾಜ ಹಾಗೂ ದೇಶದ ಅಭಿವೃದ್ಧಿಯಲ್ಲಿ ಮಹತ್ವದ ಪಾತ್ರವಿದೆ. ಎಲ್ಲ ಕ್ಷೇತ್ರಗಳಲ್ಲಿಯೂ ಮಹಿಳೆಯರು ಮುಂದೆ ಬರಬೇಕು ಎಂದು ಅವರು ಹೇಳಿದರು.

ಸ್ವಾವಲಂಬಿ ಬದುಕು ಕಟ್ಟಿಕೊಳ್ಳಲು ಸ್ವಸಹಾಯ ಸಂಘಗಳು ನೆರವಾಗುತ್ತಿವೆ. ಸರ್ಕಾರದ ಹಲವು ಯೋಜನೆಗಳ ಪ್ರಯೋಜನ ಪಡೆದುಕೊಳ್ಳಬೇಕು ಎಂದು ಸಲಹೆ ನೀಡಿದರು.

ಕಾರ್ಯಕ್ರಮದಲ್ಲಿ 118 ಸಂಘಗಳ ಸದಸ್ಯರು ಭಾಗವಹಿಸಿದ್ದರು. ವಿವಿಧ ಸ್ಪರ್ಧೆಗಳಲ್ಲಿ ವಿಜೇತರಾದವರಿಗೆ ಬಹುಮಾನ ವಿತರಿಸಲಾಯಿತು. ಅಧ್ಯಕ್ಷತೆಯನ್ನು ಸಂಘದ ಅಧ್ಯಕ್ಷರು ವಹಿಸಿದ್ದರು. ನಂತರ ಮಹಿಳೆಯರಿಂದ ಸಾಂಸ್ಕೃತಿಕ ಕಾರ್ಯಕ್ರಮ ನಡೆಯಿತು. ಕೊನೆಯಲ್ಲಿ ವಂದನಾರ್ಪಣೆ ಸಲ್ಲಿಸಲಾಯಿತು.

ಮುರುಘೇಂದ್ರ ಶಿವಯೋಗಿಗಳು ಅಥಣಿಗೆ ಸೀಮಿತರಲ್ಲ: ಶಿವಬಸವ ಸ್ವಾಮೀಜಿ

● ● ಶಿಂಧನ: ವಿಶ್ವಗುರು ಬಸವಣ್ಣನವರ ಆಶಯದಂತೆ ಬದುಕಿದ ಮುರುಘೇಂದ್ರ ಶಿವಯೋಗಿಗಳು ಕೇವಲ ಅಥಣಿಗೆ ಸೀಮಿತರಲ್ಲ, ಅವರು ಇಡೀ ನಾಡಿಗೆ ಬೆಳಕು ನೀಡಿದ ಮಹಾನ್ ಸಂತರು ಎಂದು ಶಿವಬಸವ ಸ್ವಾಮೀಜಿ ಹೇಳಿದರು.

ಅ.14ರಿಂದ 16ರವರೆಗೆ ನಡೆಯಲಿರುವ ಜಾತ್ರಾ ಮಹೋತ್ಸವದ ಪೂರ್ವಭಾವಿ ಸಭೆಯಲ್ಲಿ ಅವರು ಮಾತನಾಡಿದರು. ಭಕ್ತರು ಹೆಚ್ಚಿನ ಸಂಖ್ಯೆಯಲ್ಲಿ ಪಾಲ್ಗೊಂಡು ಕಾರ್ಯಕ್ರಮ ಯಶಸ್ವಿಗೊಳಿಸಬೇಕು ಎಂದು ಮನವಿ ಮಾಡಿದರು.

❛	ಮುರುಘೇಂದ್ರ ಶಿವಯೋಗಿಗಳು ಅಥಣಿಗೆ ಸೀಮಿತರಾಗಿರದೆ ನಾಡಿಗೆ ಬೆಳಕು ನೀಡಿದ ಸಂತರಾಗಿದ್ದಾರೆ. ಅವರ ತತ್ವಗಳನ್ನು ಇಂದಿನ ಯುವಜನತೆ ಅಳವಡಿಸಿಕೊಳ್ಳಬೇಕು.

ಶಿವಬಸವ ಸ್ವಾಮೀಜಿ, ಗಚ್ಚಿನ ಮಠ ಅಥಣಿ.

ಬೇವೂರ ಸಾಮ್ರಾಜ್ಯ ಅಂತಾದ ಮಠ ಸಿದ್ಧಲಿಂಗ ಸ್ವಾಮೀಜಿ, ಶ್ರೀ ಶಿವಯೋಗಿ ಮಠದ ಅಧ್ಯಕ್ಷರಾದ ಮಲ್ಲಿಕಾರ್ಜುನ ಸ್ವಾಮೀಜಿ, ಬಸವರಾಜ ಕಟ್ಟಿಮನಿ, ಶಂಕರ ಹಿರೇಮಠ, ಪ್ರಭಾಕರ ಗಡಾದ ಸೇರಿದಂತೆ ಹಲವು ಭಕ್ತರು, ಸಂಘ ಸಂಸ್ಥೆಗಳ ಪದಾಧಿಕಾರಿಗಳು ಉಪಸ್ಥಿತರಿದ್ದರು. ಮುಂದಿನ ದಿನಗಳಲ್ಲಿ ಜಾತ್ರೆಯ ಸಿದ್ಧತೆ ಕುರಿತು ಚರ್ಚೆ ನಡೆಯಿತು. ಎಲ್ಲ ಸಮಿತಿಗಳ ರಚನೆ ಮಾಡಲಾಯಿತು.
